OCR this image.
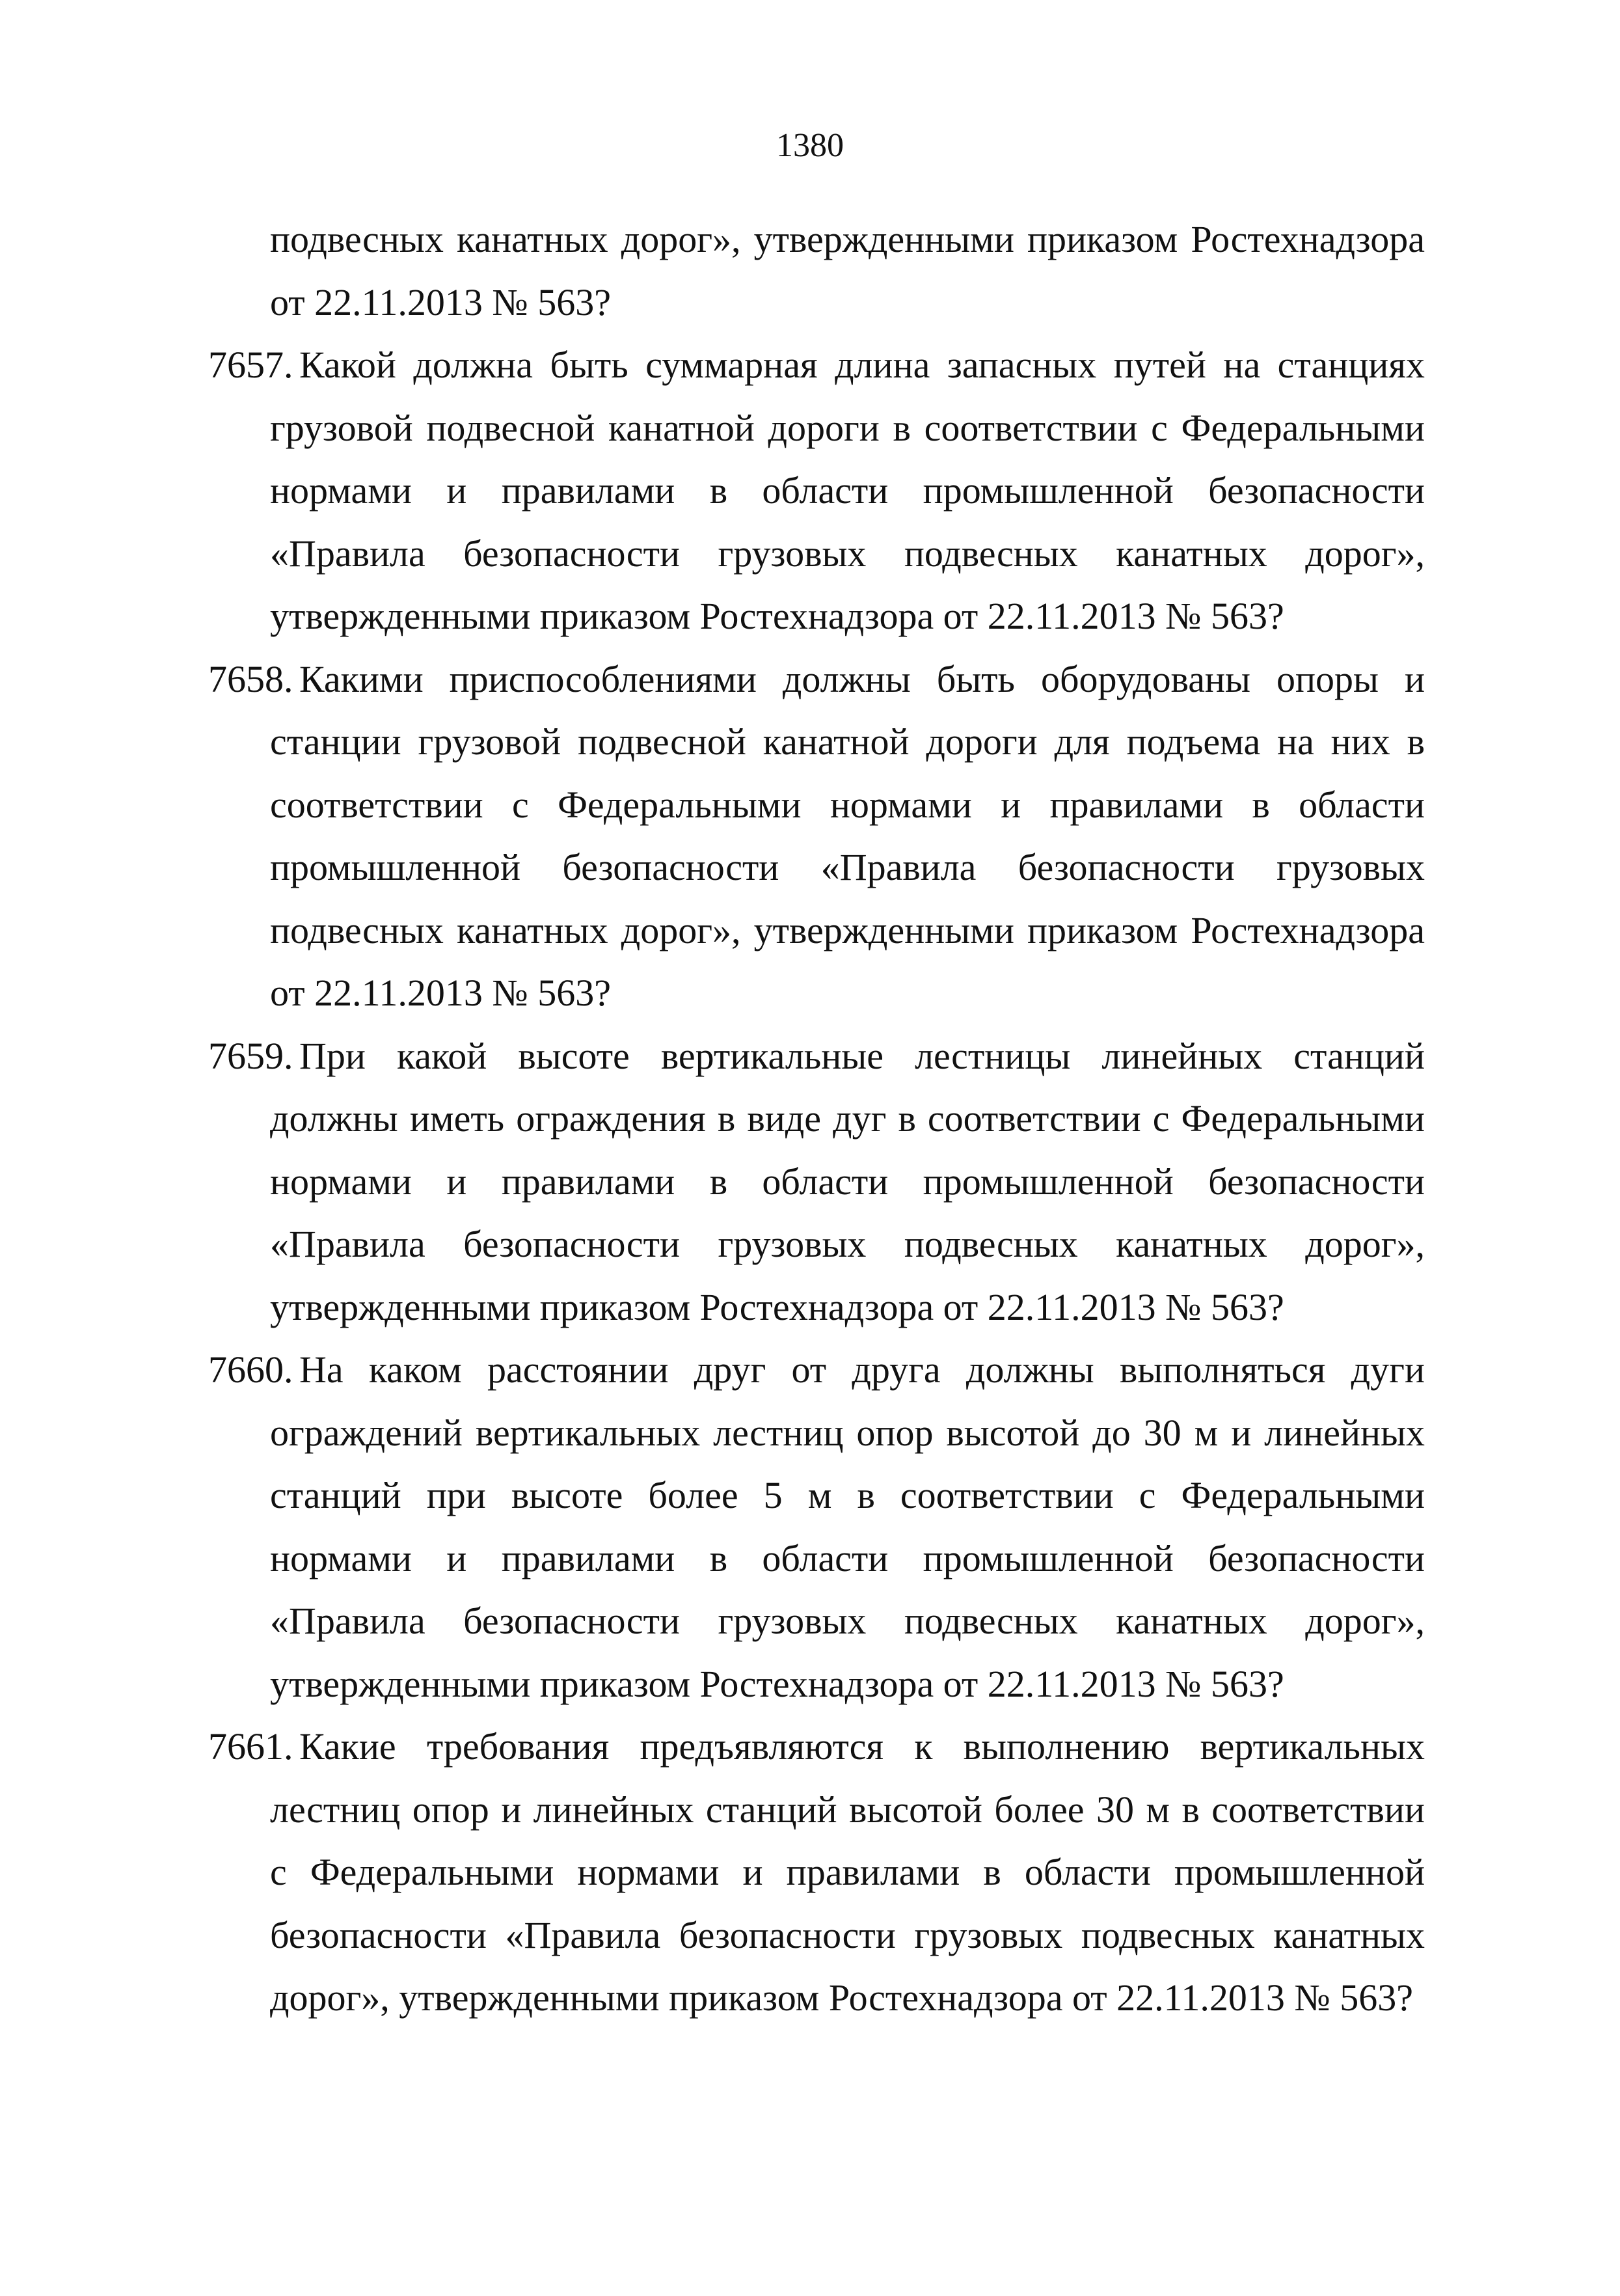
1380
подвесных канатных дорог», утвержденными приказом Ростехнадзора от 22.11.2013 № 563?
7657. Какой должна быть суммарная длина запасных путей на станциях грузовой подвесной канатной дороги в соответствии с Федеральными нормами и правилами в области промышленной безопасности «Правила безопасности грузовых подвесных канатных дорог», утвержденными приказом Ростехнадзора от 22.11.2013 № 563?
7658. Какими приспособлениями должны быть оборудованы опоры и станции грузовой подвесной канатной дороги для подъема на них в соответствии с Федеральными нормами и правилами в области промышленной безопасности «Правила безопасности грузовых подвесных канатных дорог», утвержденными приказом Ростехнадзора от 22.11.2013 № 563?
7659. При какой высоте вертикальные лестницы линейных станций должны иметь ограждения в виде дуг в соответствии с Федеральными нормами и правилами в области промышленной безопасности «Правила безопасности грузовых подвесных канатных дорог», утвержденными приказом Ростехнадзора от 22.11.2013 № 563?
7660. На каком расстоянии друг от друга должны выполняться дуги ограждений вертикальных лестниц опор высотой до 30 м и линейных станций при высоте более 5 м в соответствии с Федеральными нормами и правилами в области промышленной безопасности «Правила безопасности грузовых подвесных канатных дорог», утвержденными приказом Ростехнадзора от 22.11.2013 № 563?
7661. Какие требования предъявляются к выполнению вертикальных лестниц опор и линейных станций высотой более 30 м в соответствии с Федеральными нормами и правилами в области промышленной безопасности «Правила безопасности грузовых подвесных канатных дорог», утвержденными приказом Ростехнадзора от 22.11.2013 № 563?
